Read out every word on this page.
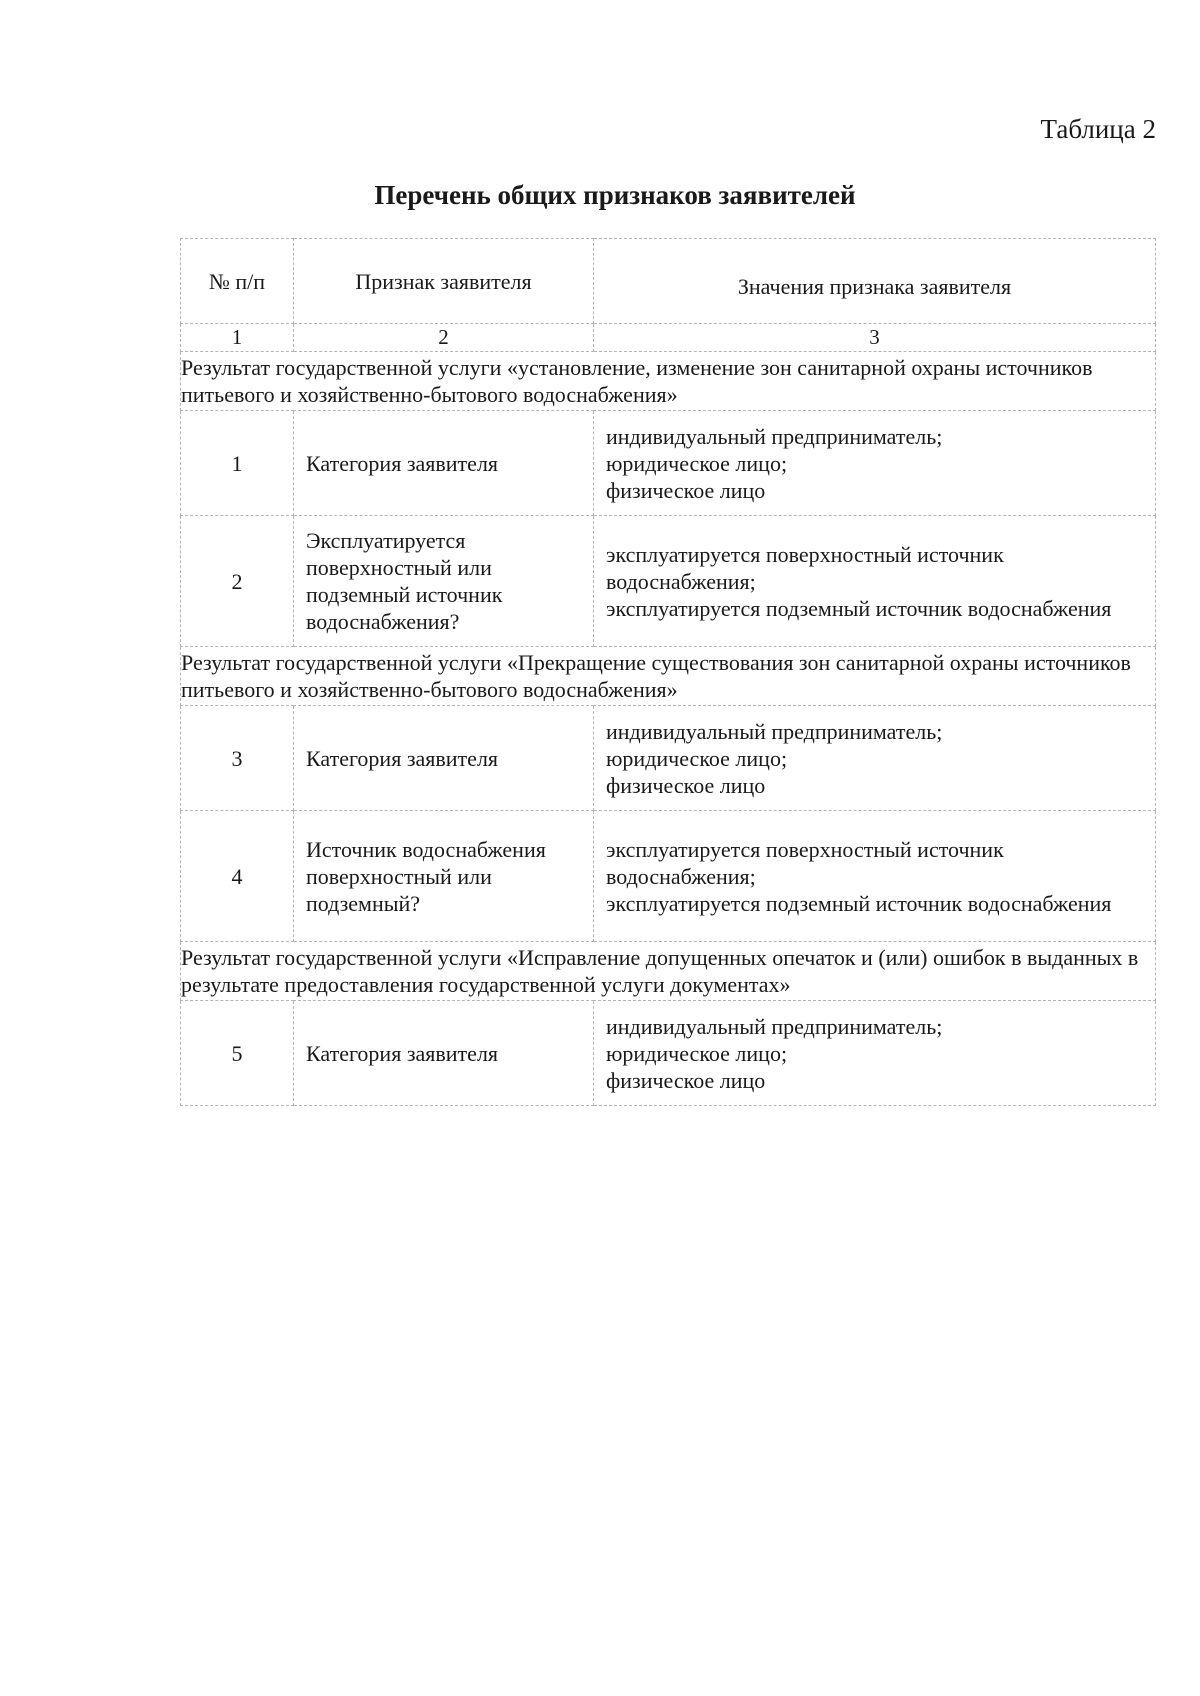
Таблица 2
Перечень общих признаков заявителей
№ п/п	Признак заявителя	Значения признака заявителя
1	2	3
Результат государственной услуги «установление, изменение зон санитарной охраны источников питьевого и хозяйственно-бытового водоснабжения»		
1	Категория заявителя	индивидуальный предприниматель;
юридическое лицо;
физическое лицо

2	Эксплуатируется поверхностный или подземный источник водоснабжения?	эксплуатируется поверхностный источник водоснабжения;
эксплуатируется подземный источник водоснабжения

Результат государственной услуги «Прекращение существования зон санитарной охраны источников питьевого и хозяйственно-бытового водоснабжения»		
3	Категория заявителя	индивидуальный предприниматель;
юридическое лицо;
физическое лицо

4	Источник водоснабжения поверхностный или подземный?	эксплуатируется поверхностный источник водоснабжения;
эксплуатируется подземный источник водоснабжения

Результат государственной услуги «Исправление допущенных опечаток и (или) ошибок в выданных в результате предоставления государственной услуги документах»		
5	Категория заявителя	индивидуальный предприниматель;
юридическое лицо;
физическое лицо
